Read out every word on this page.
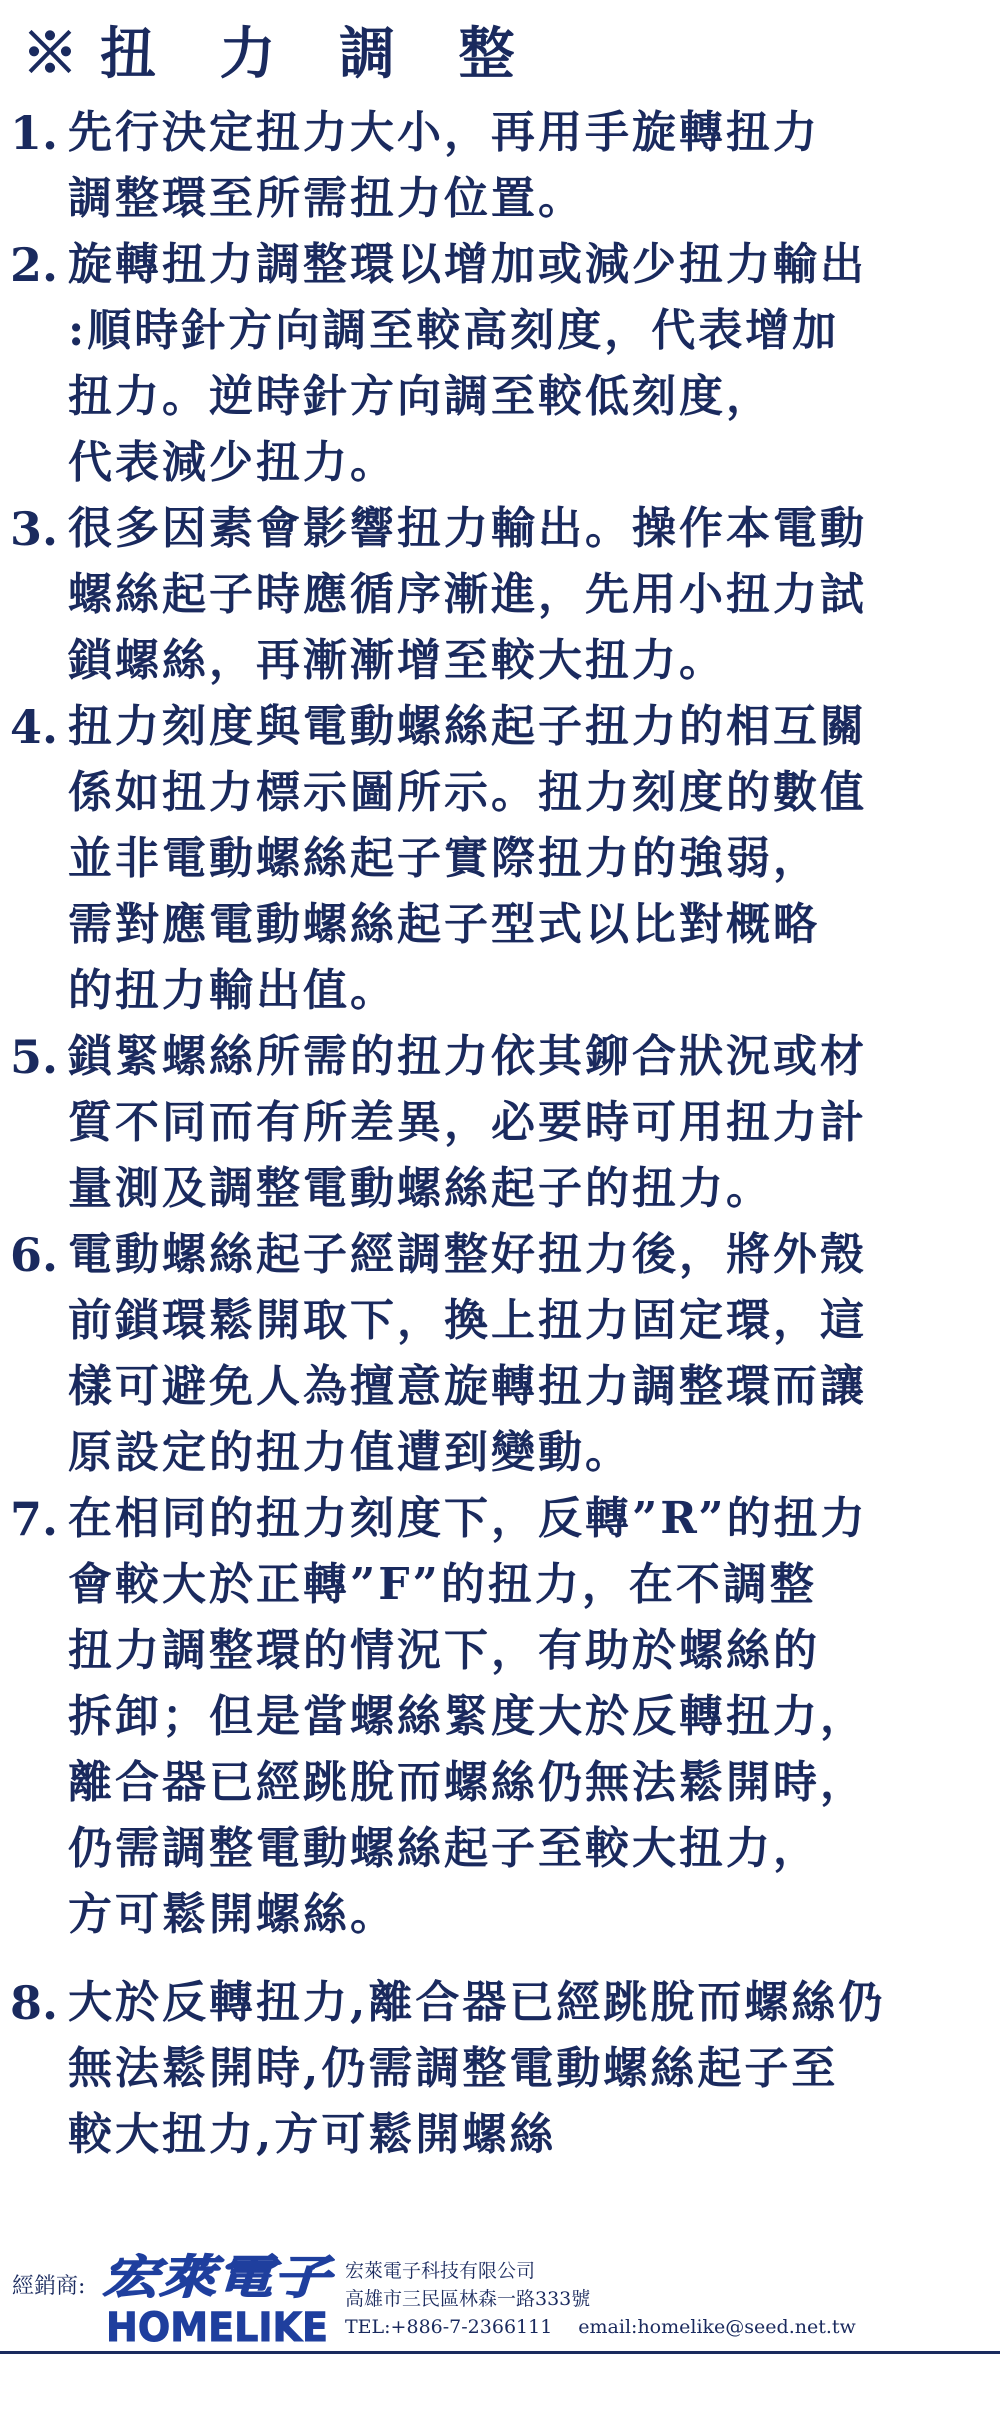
※扭 力 調 整
1. 先行決定扭力大小，再用手旋轉扭力
調整環至所需扭力位置。
2. 旋轉扭力調整環以增加或減少扭力輸出
:順時針方向調至較高刻度，代表增加
扭力。逆時針方向調至較低刻度，
代表減少扭力。
3. 很多因素會影響扭力輸出。操作本電動
螺絲起子時應循序漸進，先用小扭力試
鎖螺絲，再漸漸增至較大扭力。
4. 扭力刻度與電動螺絲起子扭力的相互關
係如扭力標示圖所示。扭力刻度的數值
並非電動螺絲起子實際扭力的強弱，
需對應電動螺絲起子型式以比對概略
的扭力輸出值。
5. 鎖緊螺絲所需的扭力依其鉚合狀況或材
質不同而有所差異，必要時可用扭力計
量測及調整電動螺絲起子的扭力。
6. 電動螺絲起子經調整好扭力後，將外殼
前鎖環鬆開取下，換上扭力固定環，這
樣可避免人為擅意旋轉扭力調整環而讓
原設定的扭力值遭到變動。
7. 在相同的扭力刻度下，反轉”R”的扭力
會較大於正轉”F”的扭力，在不調整
扭力調整環的情況下，有助於螺絲的
拆卸；但是當螺絲緊度大於反轉扭力，
離合器已經跳脫而螺絲仍無法鬆開時，
仍需調整電動螺絲起子至較大扭力，
方可鬆開螺絲。
8. 大於反轉扭力,離合器已經跳脫而螺絲仍
無法鬆開時,仍需調整電動螺絲起子至
較大扭力,方可鬆開螺絲
經銷商: 宏萊電子
HOMELIKE
宏萊電子科技有限公司
高雄市三民區林森一路333號
TEL:+886-7-2366111 email:homelike@seed.net.tw
